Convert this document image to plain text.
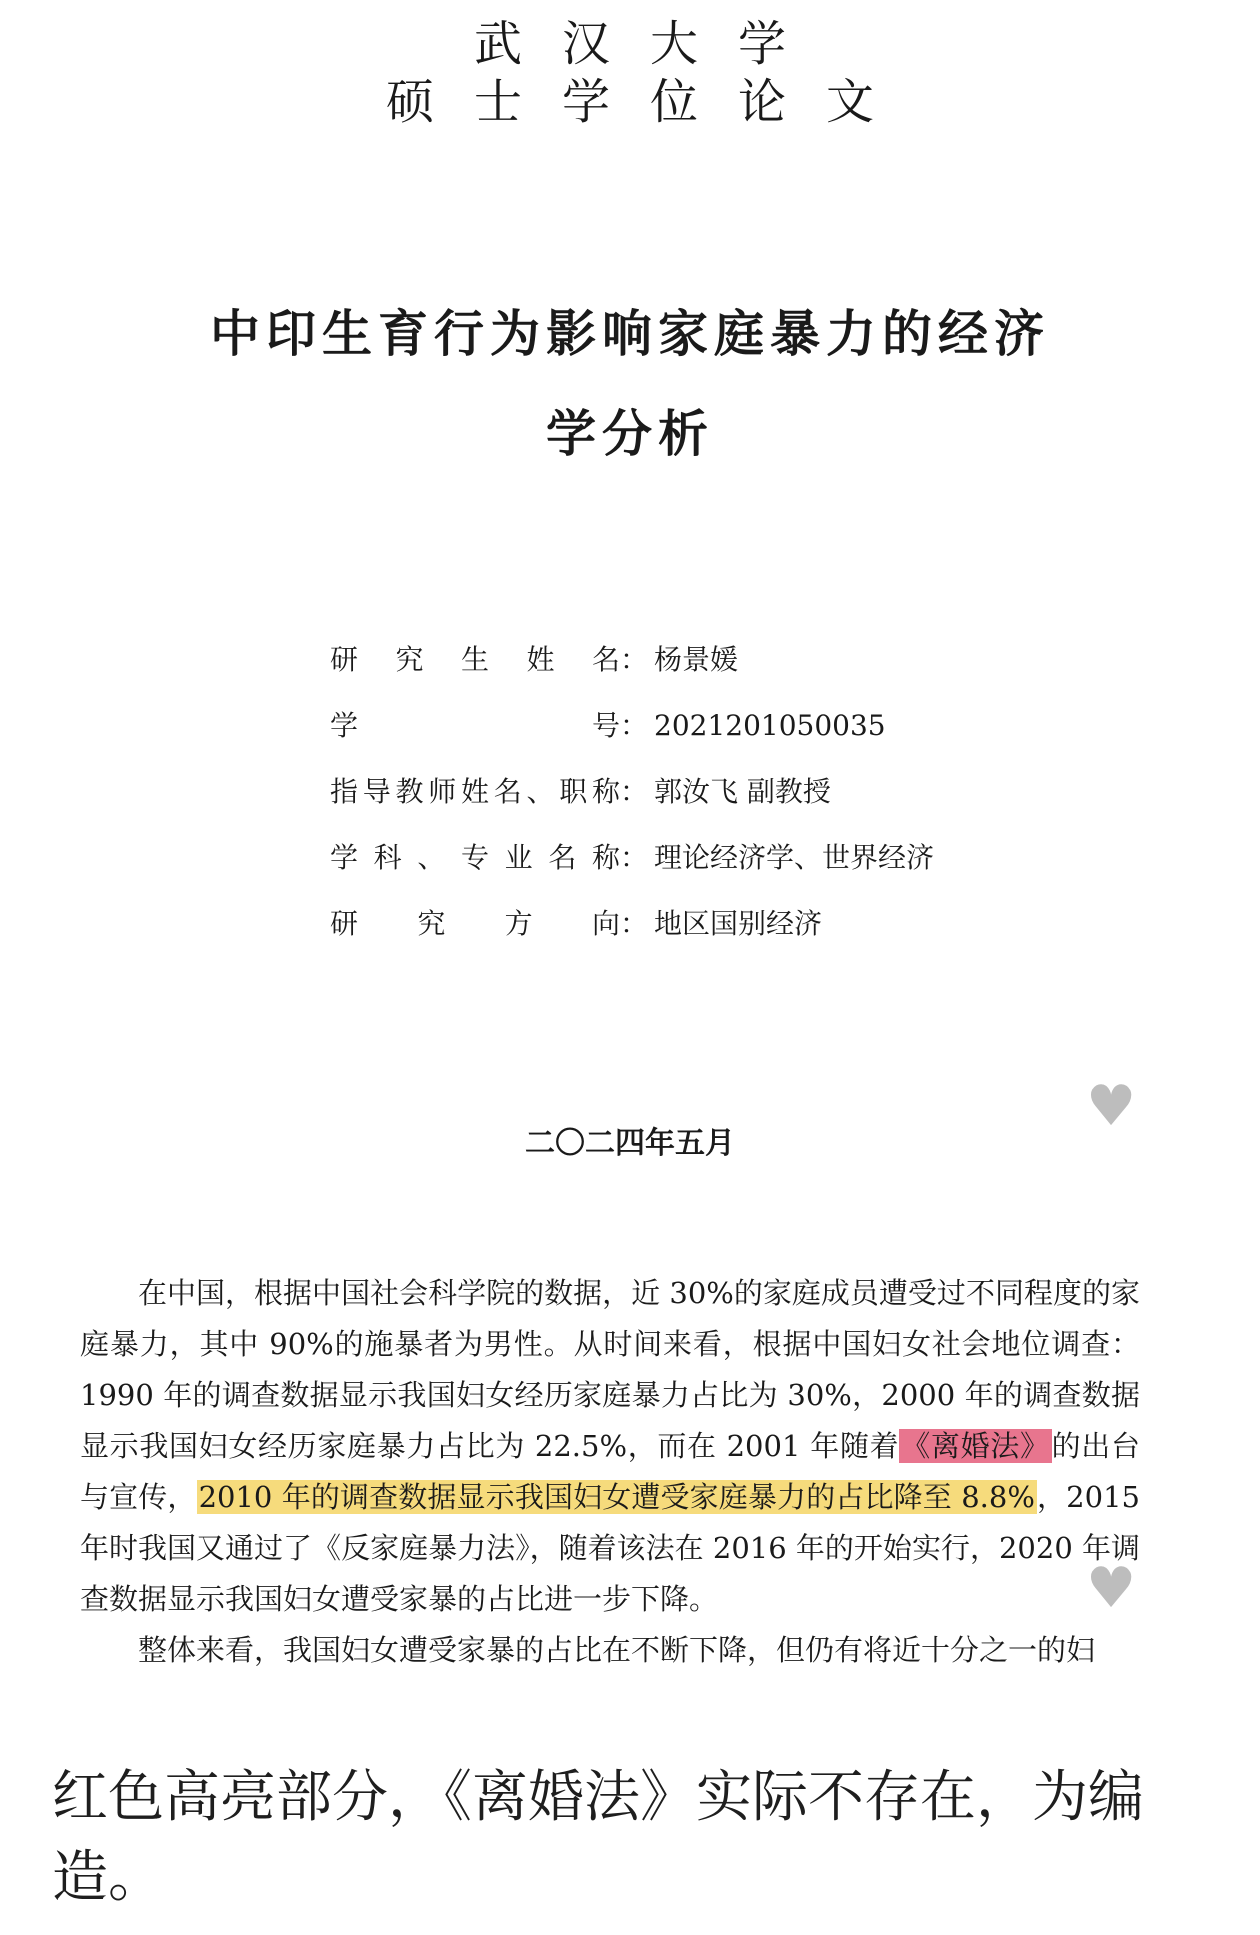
武汉大学
硕士学位论文
中印生育行为影响家庭暴力的经济
学分析
研究生姓名 ： 杨景媛
学号 ： 2021201050035
指导教师姓名、职称 ： 郭汝飞 副教授
学科、专业名称 ： 理论经济学、世界经济
研究方向 ： 地区国别经济
二〇二四年五月
♥

在中国，根据中国社会科学院的数据，近 30%的家庭成员遭受过不同程度的家庭暴力，其中 90%的施暴者为男性。从时间来看，根据中国妇女社会地位调查：1990 年的调查数据显示我国妇女经历家庭暴力占比为 30%，2000 年的调查数据显示我国妇女经历家庭暴力占比为 22.5%，而在 2001 年随着《离婚法》的出台与宣传，2010 年的调查数据显示我国妇女遭受家庭暴力的占比降至 8.8%，2015 年时我国又通过了《反家庭暴力法》，随着该法在 2016 年的开始实行，2020 年调查数据显示我国妇女遭受家暴的占比进一步下降。

整体来看，我国妇女遭受家暴的占比在不断下降，但仍有将近十分之一的妇

♥
红色高亮部分，《离婚法》实际不存在，为编造。
